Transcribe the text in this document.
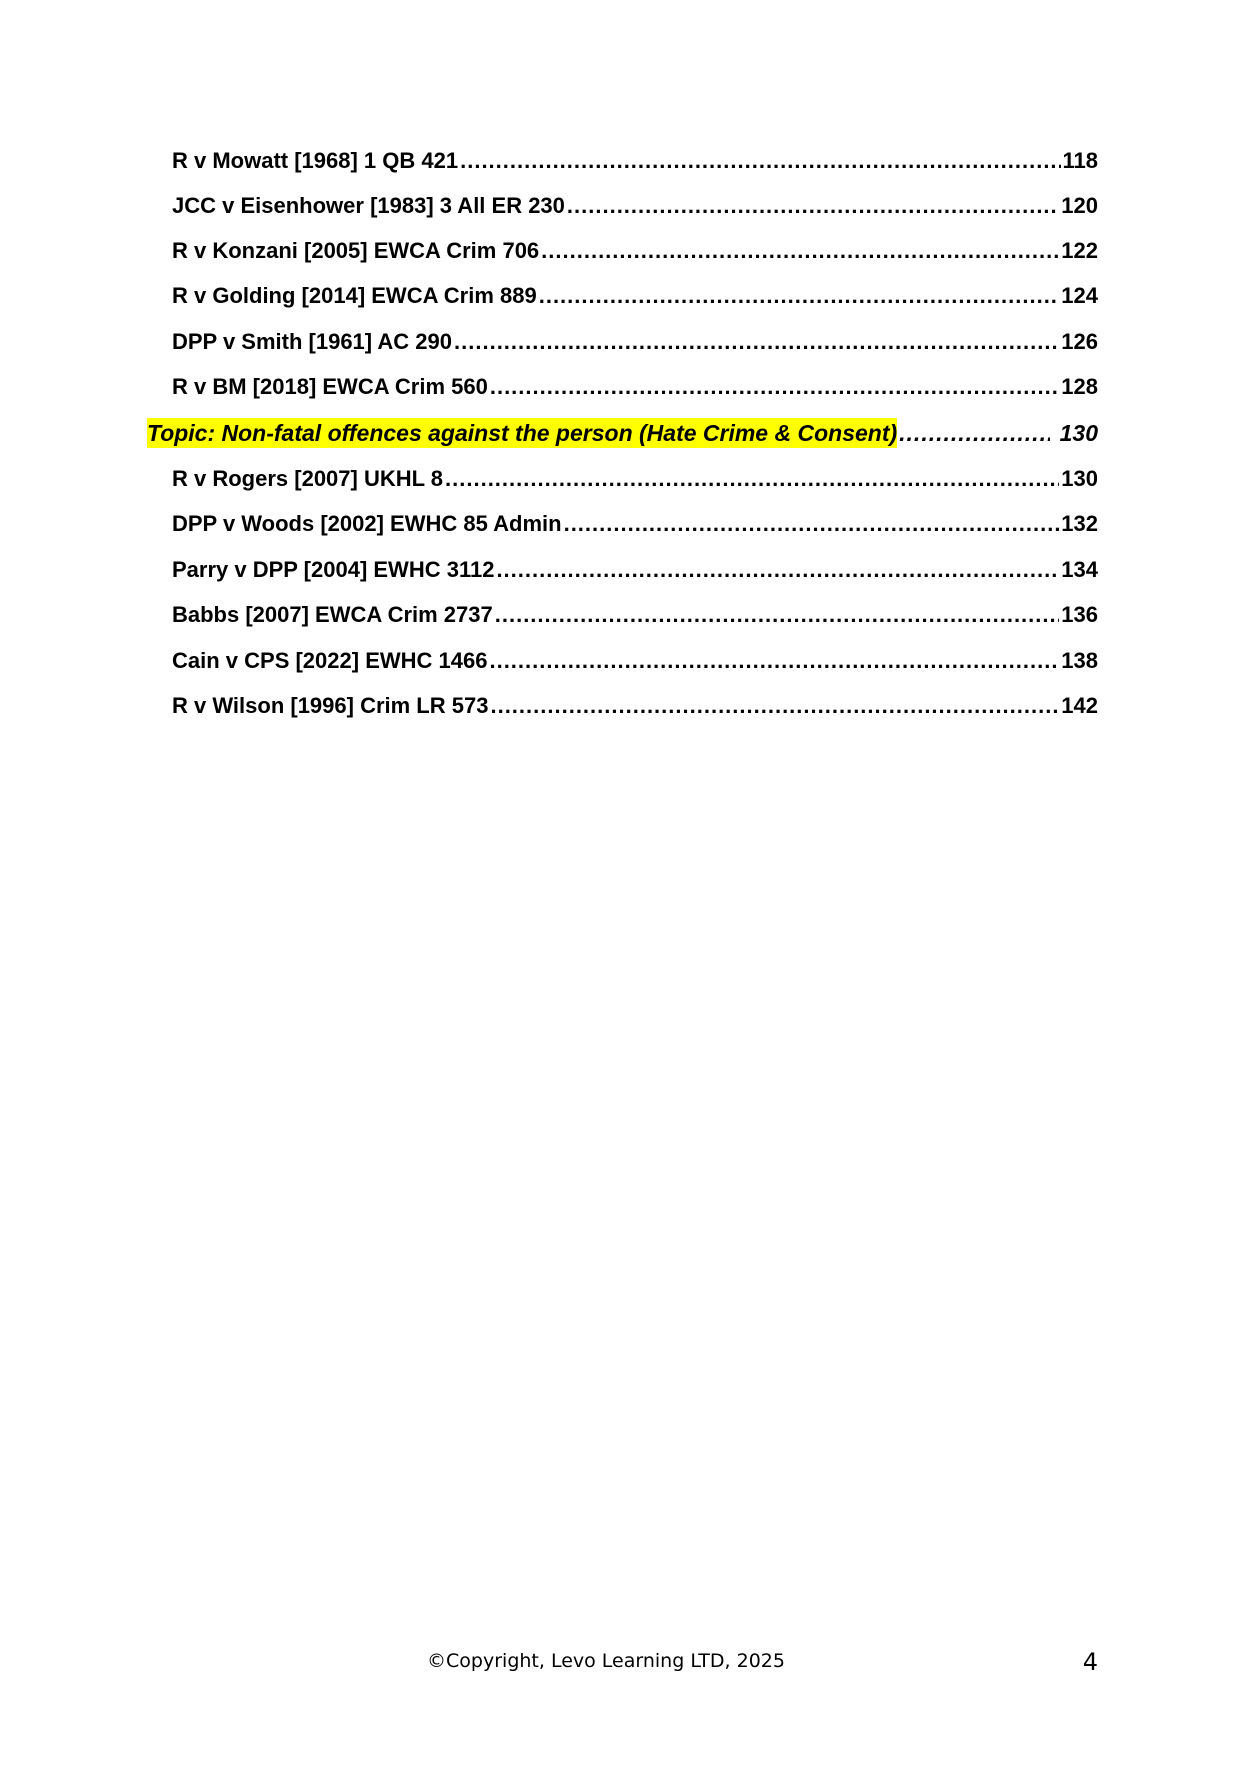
R v Mowatt [1968] 1 QB 421 .....	118
JCC v Eisenhower [1983] 3 All ER 230 .....	120
R v Konzani [2005] EWCA Crim 706 .....	122
R v Golding [2014] EWCA Crim 889 .....	124
DPP v Smith [1961] AC 290 .....	126
R v BM [2018] EWCA Crim 560 .....	128
Topic: Non-fatal offences against the person (Hate Crime & Consent) .....	130
R v Rogers [2007] UKHL 8 .....	130
DPP v Woods [2002] EWHC 85 Admin .....	132
Parry v DPP [2004] EWHC 3112 .....	134
Babbs [2007] EWCA Crim 2737 .....	136
Cain v CPS [2022] EWHC 1466 .....	138
R v Wilson [1996] Crim LR 573 .....	142
©Copyright, Levo Learning LTD, 2025	4
